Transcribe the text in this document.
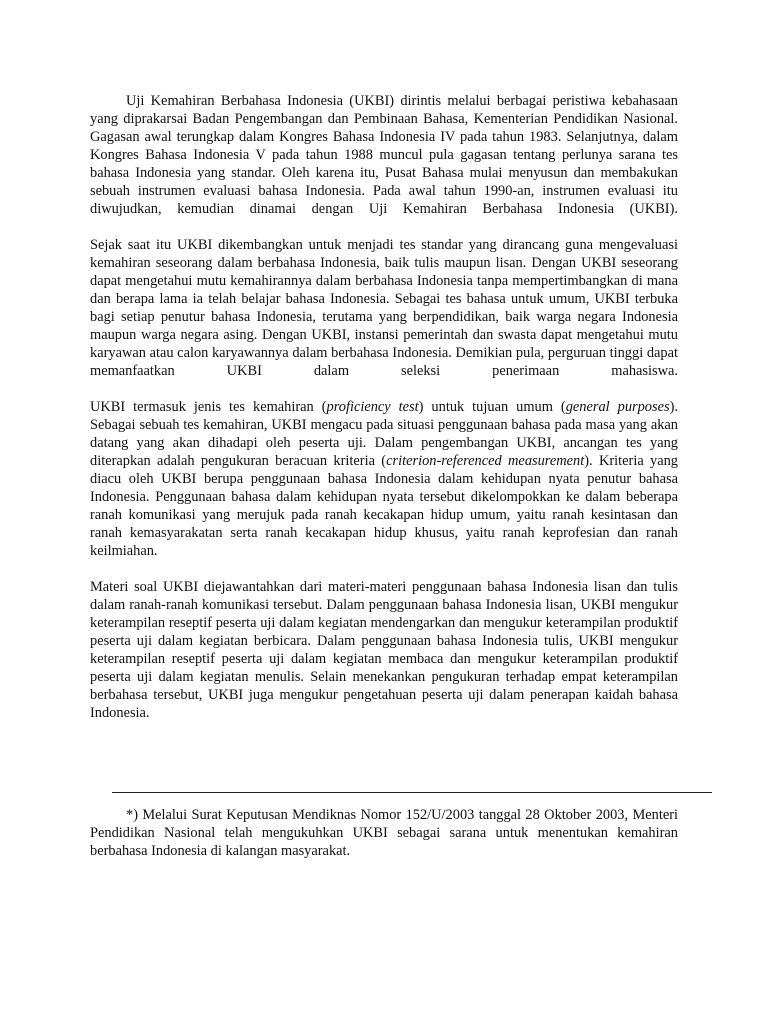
Uji Kemahiran Berbahasa Indonesia (UKBI) dirintis melalui berbagai peristiwa kebahasaan yang diprakarsai Badan Pengembangan dan Pembinaan Bahasa, Kementerian Pendidikan Nasional. Gagasan awal terungkap dalam Kongres Bahasa Indonesia IV pada tahun 1983. Selanjutnya, dalam Kongres Bahasa Indonesia V pada tahun 1988 muncul pula gagasan tentang perlunya sarana tes bahasa Indonesia yang standar. Oleh karena itu, Pusat Bahasa mulai menyusun dan membakukan sebuah instrumen evaluasi bahasa Indonesia. Pada awal tahun 1990-an, instrumen evaluasi itu diwujudkan, kemudian dinamai dengan Uji Kemahiran Berbahasa Indonesia (UKBI).

Sejak saat itu UKBI dikembangkan untuk menjadi tes standar yang dirancang guna mengevaluasi kemahiran seseorang dalam berbahasa Indonesia, baik tulis maupun lisan. Dengan UKBI seseorang dapat mengetahui mutu kemahirannya dalam berbahasa Indonesia tanpa mempertimbangkan di mana dan berapa lama ia telah belajar bahasa Indonesia. Sebagai tes bahasa untuk umum, UKBI terbuka bagi setiap penutur bahasa Indonesia, terutama yang berpendidikan, baik warga negara Indonesia maupun warga negara asing. Dengan UKBI, instansi pemerintah dan swasta dapat mengetahui mutu karyawan atau calon karyawannya dalam berbahasa Indonesia. Demikian pula, perguruan tinggi dapat memanfaatkan UKBI dalam seleksi penerimaan mahasiswa.

UKBI termasuk jenis tes kemahiran (proficiency test) untuk tujuan umum (general purposes). Sebagai sebuah tes kemahiran, UKBI mengacu pada situasi penggunaan bahasa pada masa yang akan datang yang akan dihadapi oleh peserta uji. Dalam pengembangan UKBI, ancangan tes yang diterapkan adalah pengukuran beracuan kriteria (criterion-referenced measurement). Kriteria yang diacu oleh UKBI berupa penggunaan bahasa Indonesia dalam kehidupan nyata penutur bahasa Indonesia. Penggunaan bahasa dalam kehidupan nyata tersebut dikelompokkan ke dalam beberapa ranah komunikasi yang merujuk pada ranah kecakapan hidup umum, yaitu ranah kesintasan dan ranah kemasyarakatan serta ranah kecakapan hidup khusus, yaitu ranah keprofesian dan ranah keilmiahan.

Materi soal UKBI diejawantahkan dari materi-materi penggunaan bahasa Indonesia lisan dan tulis dalam ranah-ranah komunikasi tersebut. Dalam penggunaan bahasa Indonesia lisan, UKBI mengukur keterampilan reseptif peserta uji dalam kegiatan mendengarkan dan mengukur keterampilan produktif peserta uji dalam kegiatan berbicara. Dalam penggunaan bahasa Indonesia tulis, UKBI mengukur keterampilan reseptif peserta uji dalam kegiatan membaca dan mengukur keterampilan produktif peserta uji dalam kegiatan menulis. Selain menekankan pengukuran terhadap empat keterampilan berbahasa tersebut, UKBI juga mengukur pengetahuan peserta uji dalam penerapan kaidah bahasa Indonesia.

*) Melalui Surat Keputusan Mendiknas Nomor 152/U/2003 tanggal 28 Oktober 2003, Menteri Pendidikan Nasional telah mengukuhkan UKBI sebagai sarana untuk menentukan kemahiran berbahasa Indonesia di kalangan masyarakat.
